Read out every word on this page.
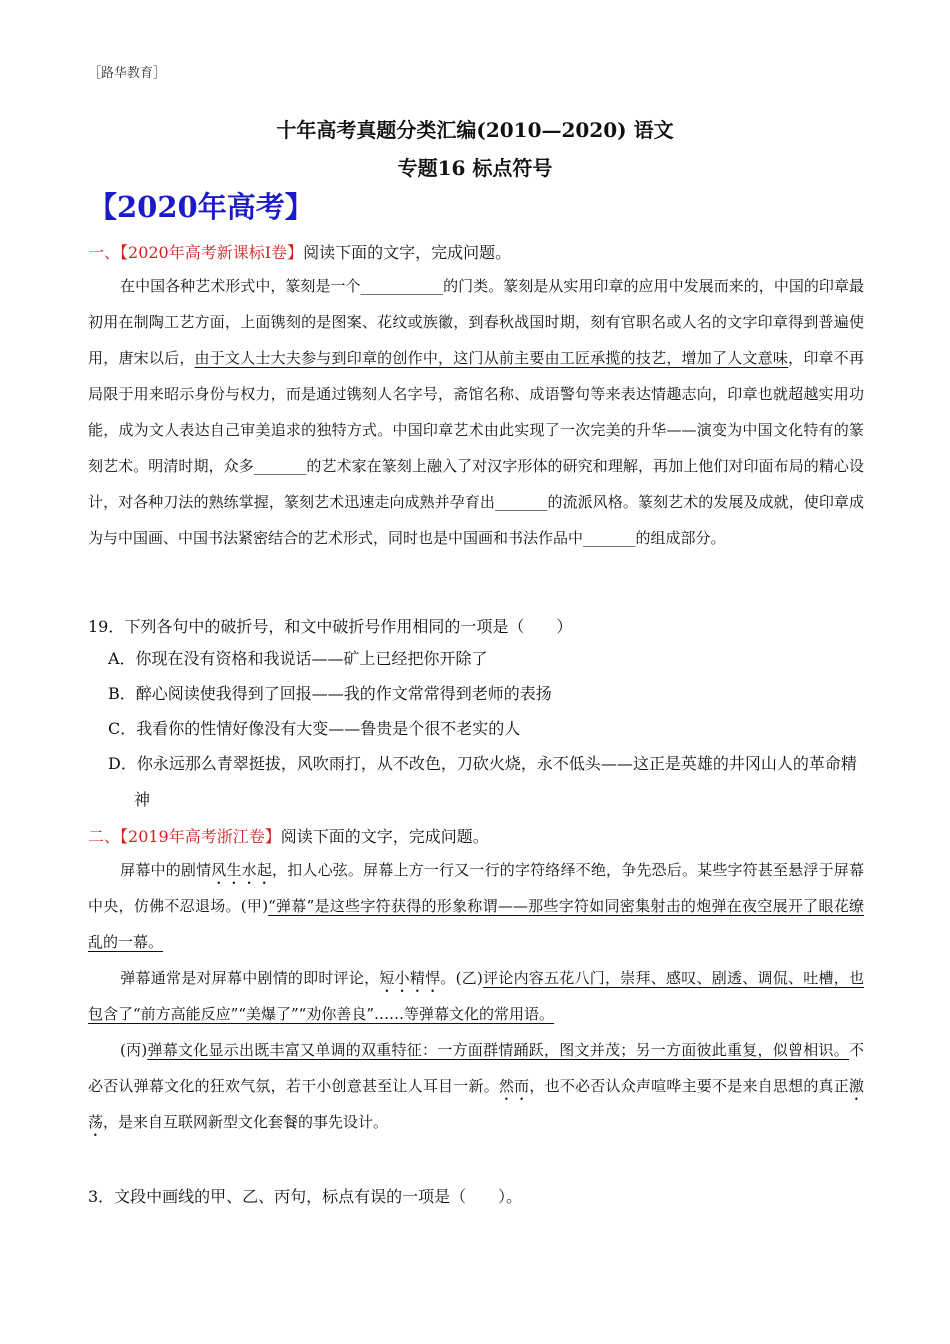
［路华教育］
十年高考真题分类汇编(2010—2020) 语文
专题16 标点符号
【2020年高考】
一、【2020年高考新课标I卷】阅读下面的文字，完成问题。

在中国各种艺术形式中，篆刻是一个___________的门类。篆刻是从实用印章的应用中发展而来的，中国的印章最初用在制陶工艺方面，上面镌刻的是图案、花纹或族徽，到春秋战国时期，刻有官职名或人名的文字印章得到普遍使用，唐宋以后，由于文人士大夫参与到印章的创作中，这门从前主要由工匠承揽的技艺，增加了人文意味，印章不再局限于用来昭示身份与权力，而是通过镌刻人名字号，斋馆名称、成语警句等来表达情趣志向，印章也就超越实用功能，成为文人表达自己审美追求的独特方式。中国印章艺术由此实现了一次完美的升华——演变为中国文化特有的篆刻艺术。明清时期，众多_______的艺术家在篆刻上融入了对汉字形体的研究和理解，再加上他们对印面布局的精心设计，对各种刀法的熟练掌握，篆刻艺术迅速走向成熟并孕育出_______的流派风格。篆刻艺术的发展及成就，使印章成为与中国画、中国书法紧密结合的艺术形式，同时也是中国画和书法作品中_______的组成部分。

19．下列各句中的破折号，和文中破折号作用相同的一项是（　　）
A．你现在没有资格和我说话——矿上已经把你开除了
B．醉心阅读使我得到了回报——我的作文常常得到老师的表扬
C．我看你的性情好像没有大变——鲁贵是个很不老实的人
D．你永远那么青翠挺拔，风吹雨打，从不改色，刀砍火烧，永不低头——这正是英雄的井冈山人的革命精
神
二、【2019年高考浙江卷】阅读下面的文字，完成问题。

屏幕中的剧情风生水起，扣人心弦。屏幕上方一行又一行的字符络绎不绝，争先恐后。某些字符甚至悬浮于屏幕中央，仿佛不忍退场。(甲)“弹幕”是这些字符获得的形象称谓——那些字符如同密集射击的炮弹在夜空展开了眼花缭乱的一幕。

弹幕通常是对屏幕中剧情的即时评论，短小精悍。(乙)评论内容五花八门，崇拜、感叹、剧透、调侃、吐槽，也包含了“前方高能反应”“美爆了”“劝你善良”……等弹幕文化的常用语。

(丙)弹幕文化显示出既丰富又单调的双重特征：一方面群情踊跃，图文并茂；另一方面彼此重复，似曾相识。不必否认弹幕文化的狂欢气氛，若干小创意甚至让人耳目一新。然而，也不必否认众声喧哗主要不是来自思想的真正激荡，是来自互联网新型文化套餐的事先设计。

3．文段中画线的甲、乙、丙句，标点有误的一项是（　　）。
